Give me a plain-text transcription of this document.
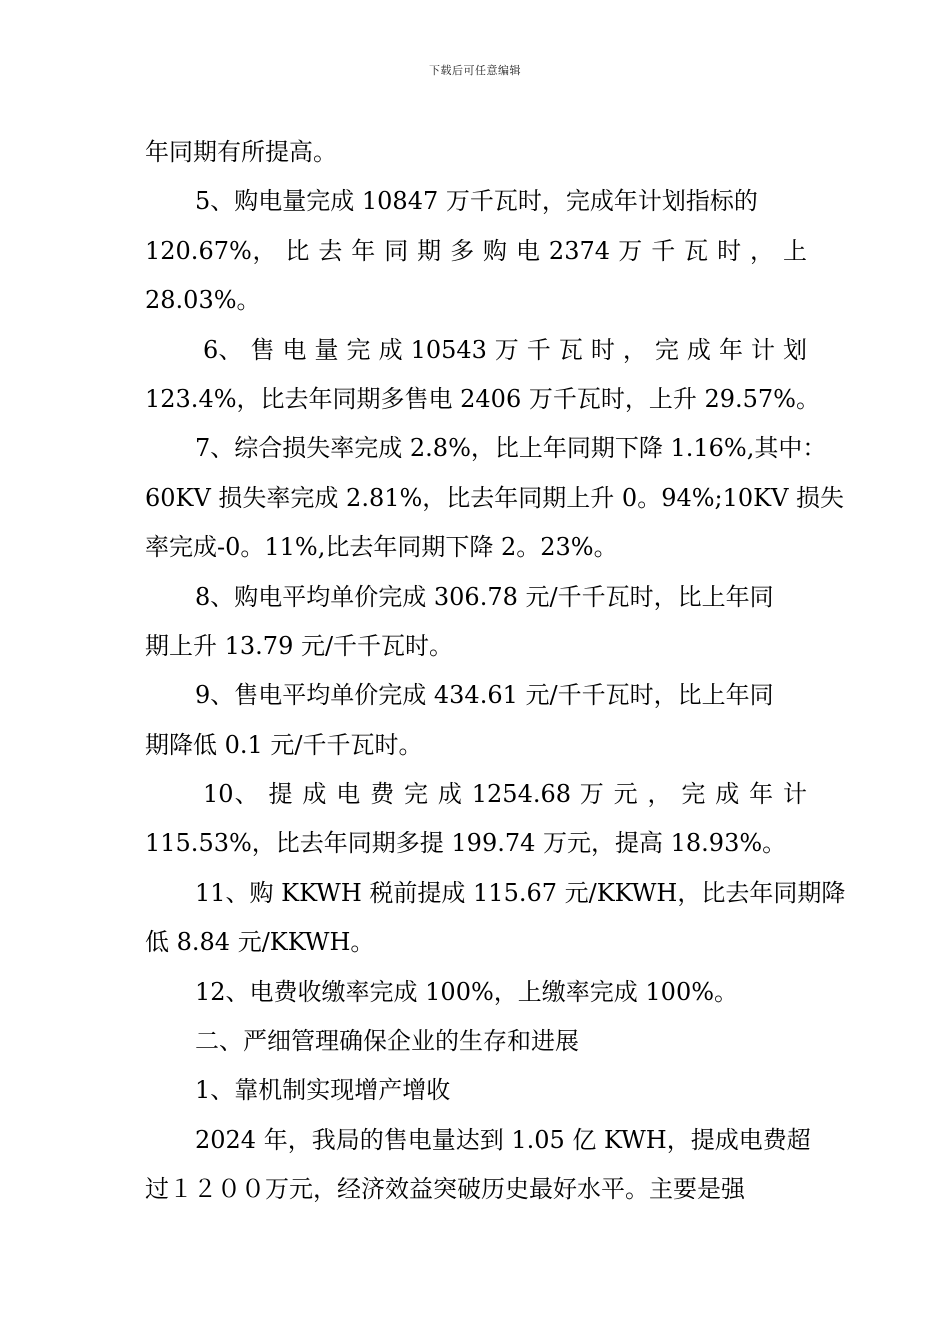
下载后可任意编辑
年同期有所提高。
5、购电量完成 10847 万千瓦时，完成年计划指标的
120.67%， 比 去 年 同 期 多 购 电 2374 万 千 瓦 时 ， 上
28.03%。
6、 售 电 量 完 成 10543 万 千 瓦 时 ， 完 成 年 计 划
123.4%，比去年同期多售电 2406 万千瓦时，上升 29.57%。
7、综合损失率完成 2.8%，比上年同期下降 1.16%,其中：
60KV 损失率完成 2.81%，比去年同期上升 0。94%;10KV 损失
率完成-0。11%,比去年同期下降 2。23%。
8、购电平均单价完成 306.78 元/千千瓦时，比上年同
期上升 13.79 元/千千瓦时。
9、售电平均单价完成 434.61 元/千千瓦时，比上年同
期降低 0.1 元/千千瓦时。
10、 提 成 电 费 完 成 1254.68 万 元 ， 完 成 年 计
115.53%，比去年同期多提 199.74 万元，提高 18.93%。
11、购 KKWH 税前提成 115.67 元/KKWH，比去年同期降
低 8.84 元/KKWH。
12、电费收缴率完成 100%，上缴率完成 100%。
二、严细管理确保企业的生存和进展
1、靠机制实现增产增收
2024 年，我局的售电量达到 1.05 亿 KWH，提成电费超
过１２００万元，经济效益突破历史最好水平。主要是强
